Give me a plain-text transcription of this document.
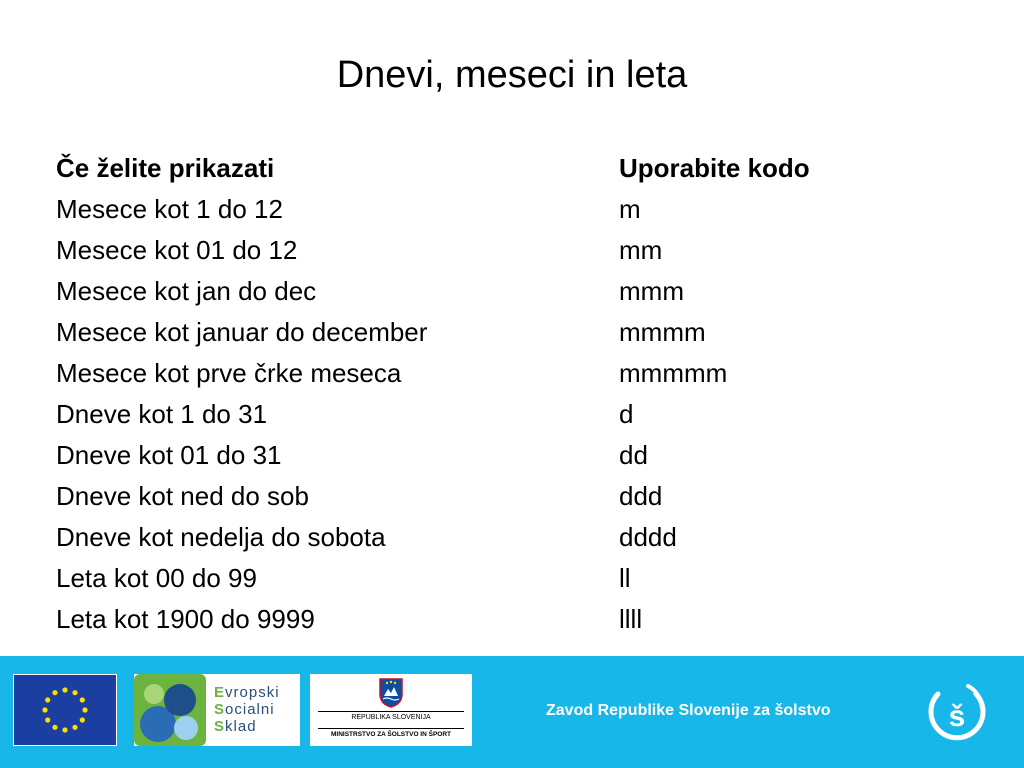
Dnevi, meseci in leta
Če želite prikazati	Uporabite kodo
Mesece kot 1 do 12	m
Mesece kot 01 do 12	mm
Mesece kot jan do dec	mmm
Mesece kot januar do december	mmmm
Mesece kot prve črke meseca	mmmmm
Dneve kot 1 do 31	d
Dneve kot 01 do 31	dd
Dneve kot ned do sob	ddd
Dneve kot nedelja do sobota	dddd
Leta kot 00 do 99	ll
Leta kot 1900 do 9999	llll
Evropski
Socialni
Sklad
REPUBLIKA SLOVENIJA
MINISTRSTVO ZA ŠOLSTVO IN ŠPORT
Zavod Republike Slovenije za šolstvo	š
